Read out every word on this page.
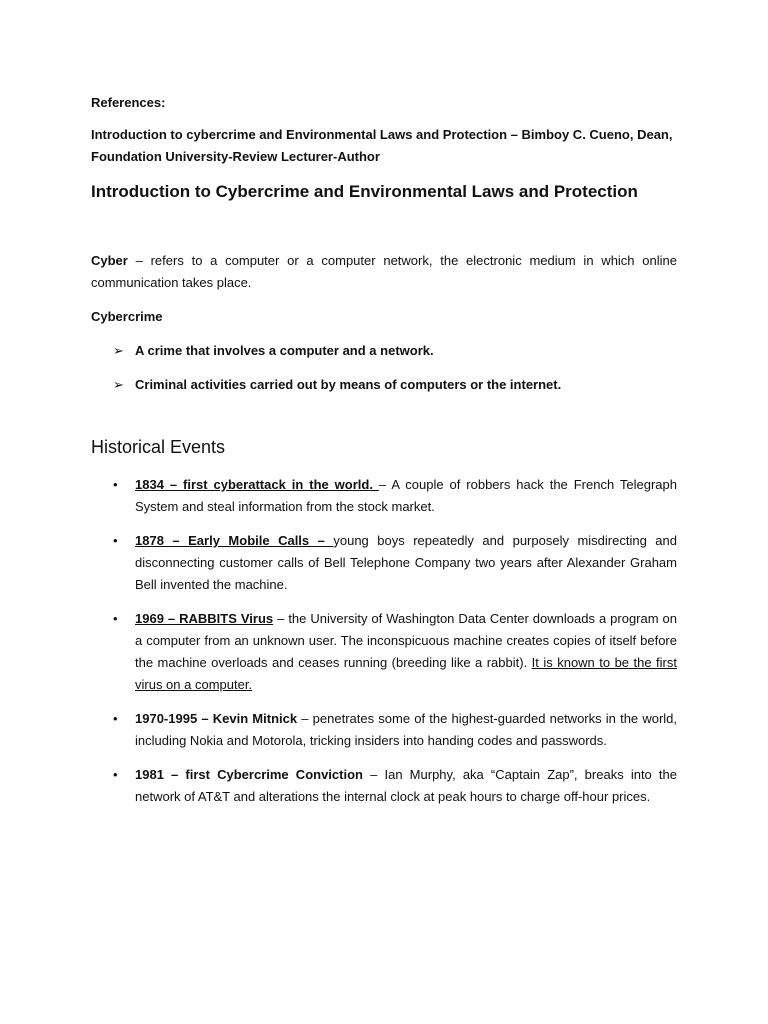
References:

Introduction to cybercrime and Environmental Laws and Protection – Bimboy C. Cueno, Dean,
Foundation University-Review Lecturer-Author

Introduction to Cybercrime and Environmental Laws and Protection

Cyber – refers to a computer or a computer network, the electronic medium in which online communication takes place.

Cybercrime

➢ A crime that involves a computer and a network.
➢ Criminal activities carried out by means of computers or the internet.
Historical Events
• 1834 – first cyberattack in the world. – A couple of robbers hack the French Telegraph System and steal information from the stock market.
• 1878 – Early Mobile Calls – young boys repeatedly and purposely misdirecting and disconnecting customer calls of Bell Telephone Company two years after Alexander Graham Bell invented the machine.
• 1969 – RABBITS Virus – the University of Washington Data Center downloads a program on a computer from an unknown user. The inconspicuous machine creates copies of itself before the machine overloads and ceases running (breeding like a rabbit). It is known to be the first virus on a computer.
• 1970-1995 – Kevin Mitnick – penetrates some of the highest-guarded networks in the world, including Nokia and Motorola, tricking insiders into handing codes and passwords.
• 1981 – first Cybercrime Conviction – Ian Murphy, aka “Captain Zap”, breaks into the network of AT&T and alterations the internal clock at peak hours to charge off-hour prices.
